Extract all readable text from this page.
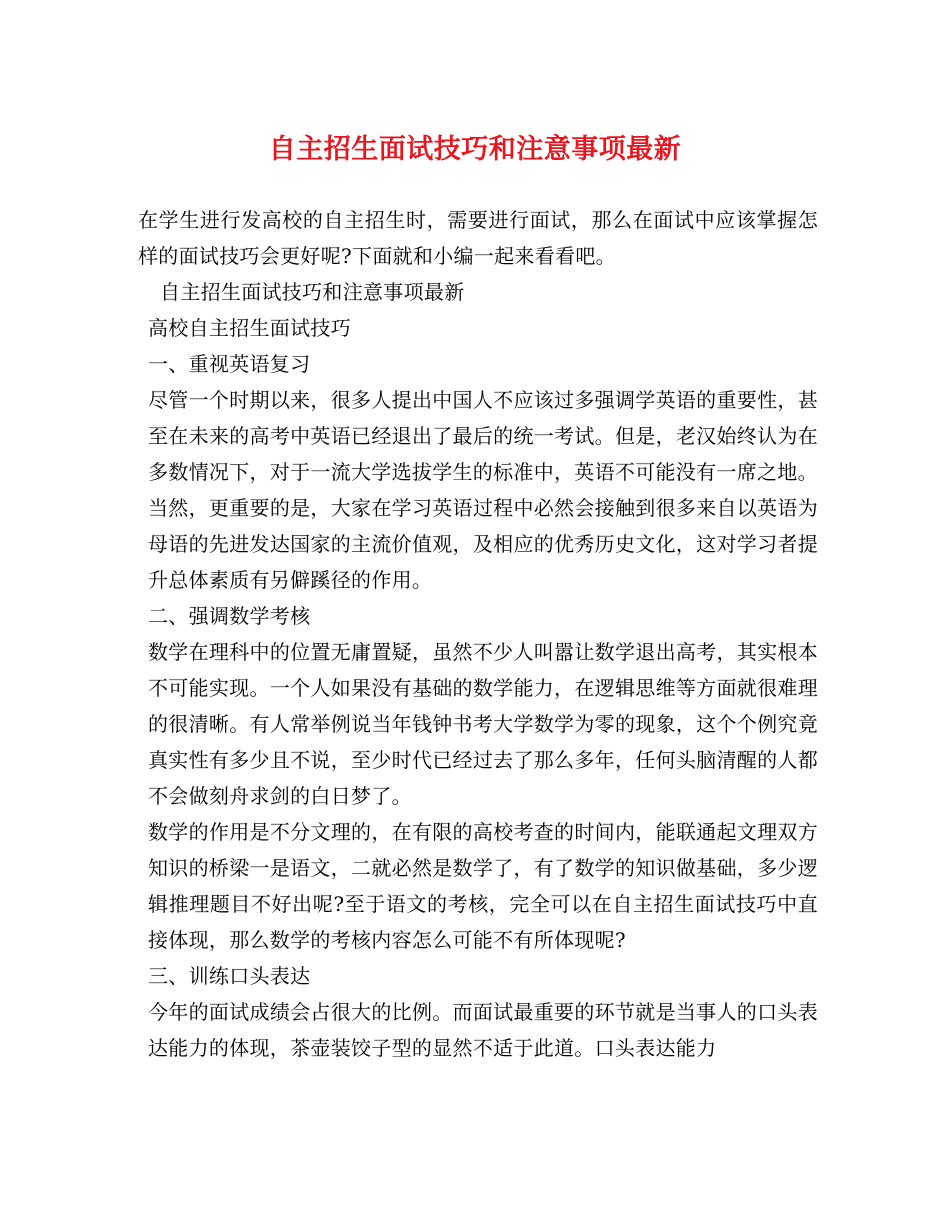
自主招生面试技巧和注意事项最新

在学生进行发高校的自主招生时，需要进行面试，那么在面试中应该掌握怎样的面试技巧会更好呢?下面就和小编一起来看看吧。

自主招生面试技巧和注意事项最新

高校自主招生面试技巧

一、重视英语复习

尽管一个时期以来，很多人提出中国人不应该过多强调学英语的重要性，甚至在未来的高考中英语已经退出了最后的统一考试。但是，老汉始终认为在多数情况下，对于一流大学选拔学生的标准中，英语不可能没有一席之地。

当然，更重要的是，大家在学习英语过程中必然会接触到很多来自以英语为母语的先进发达国家的主流价值观，及相应的优秀历史文化，这对学习者提升总体素质有另僻蹊径的作用。

二、强调数学考核

数学在理科中的位置无庸置疑，虽然不少人叫嚣让数学退出高考，其实根本不可能实现。一个人如果没有基础的数学能力，在逻辑思维等方面就很难理的很清晰。有人常举例说当年钱钟书考大学数学为零的现象，这个个例究竟真实性有多少且不说，至少时代已经过去了那么多年，任何头脑清醒的人都不会做刻舟求剑的白日梦了。

数学的作用是不分文理的，在有限的高校考查的时间内，能联通起文理双方知识的桥梁一是语文，二就必然是数学了，有了数学的知识做基础，多少逻辑推理题目不好出呢?至于语文的考核，完全可以在自主招生面试技巧中直接体现，那么数学的考核内容怎么可能不有所体现呢?

三、训练口头表达

今年的面试成绩会占很大的比例。而面试最重要的环节就是当事人的口头表达能力的体现，茶壶装饺子型的显然不适于此道。口头表达能力
